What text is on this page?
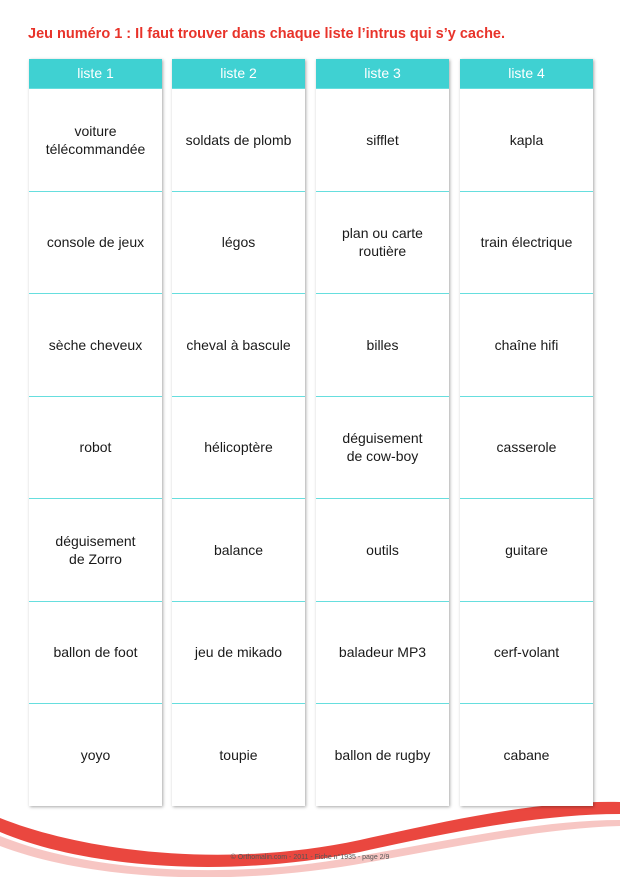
Jeu numéro 1 : Il faut trouver dans chaque liste l’intrus qui s’y cache.
liste 1
voiture
télécommandée
console de jeux
sèche cheveux
robot
déguisement
de Zorro
ballon de foot
yoyo
liste 2
soldats de plomb
légos
cheval à bascule
hélicoptère
balance
jeu de mikado
toupie
liste 3
sifflet
plan ou carte
routière
billes
déguisement
de cow-boy
outils
baladeur MP3
ballon de rugby
liste 4
kapla
train électrique
chaîne hifi
casserole
guitare
cerf-volant
cabane
© Orthomalin.com - 2011 - Fiche n°1935 - page 2/9
